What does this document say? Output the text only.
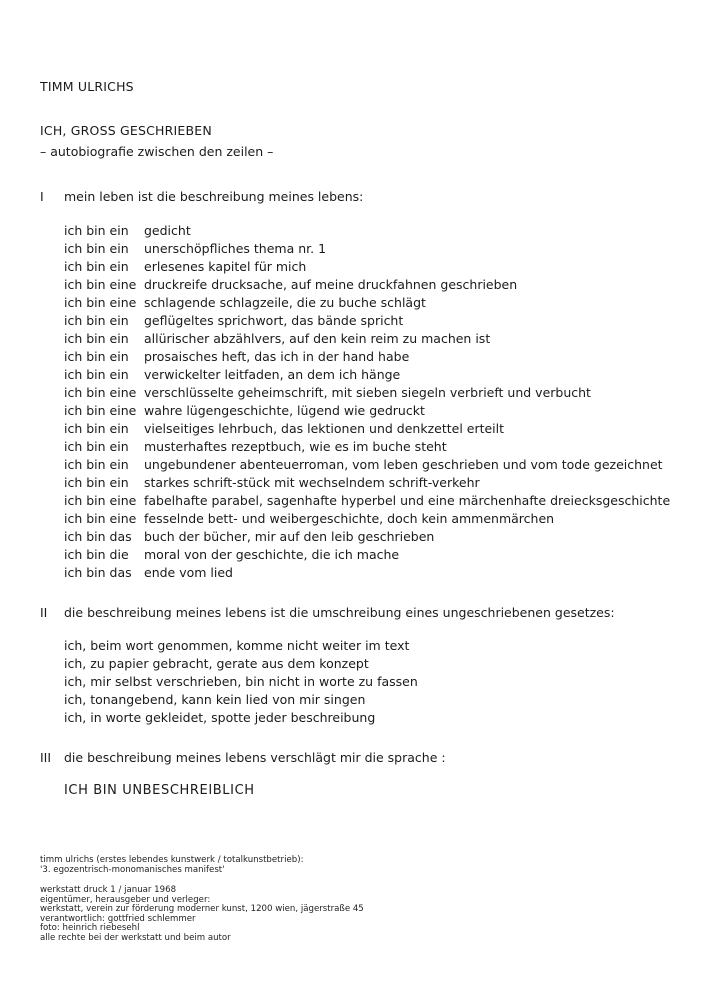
TIMM ULRICHS
ICH, GROSS GESCHRIEBEN
– autobiografie zwischen den zeilen –
I mein leben ist die beschreibung meines lebens:
ich bin ein gedicht
ich bin ein unerschöpfliches thema nr. 1
ich bin ein erlesenes kapitel für mich
ich bin eine druckreife drucksache, auf meine druckfahnen geschrieben
ich bin eine schlagende schlagzeile, die zu buche schlägt
ich bin ein geflügeltes sprichwort, das bände spricht
ich bin ein allürischer abzählvers, auf den kein reim zu machen ist
ich bin ein prosaisches heft, das ich in der hand habe
ich bin ein verwickelter leitfaden, an dem ich hänge
ich bin eine verschlüsselte geheimschrift, mit sieben siegeln verbrieft und verbucht
ich bin eine wahre lügengeschichte, lügend wie gedruckt
ich bin ein vielseitiges lehrbuch, das lektionen und denkzettel erteilt
ich bin ein musterhaftes rezeptbuch, wie es im buche steht
ich bin ein ungebundener abenteuerroman, vom leben geschrieben und vom tode gezeichnet
ich bin ein starkes schrift-stück mit wechselndem schrift-verkehr
ich bin eine fabelhafte parabel, sagenhafte hyperbel und eine märchenhafte dreiecksgeschichte
ich bin eine fesselnde bett- und weibergeschichte, doch kein ammenmärchen
ich bin das buch der bücher, mir auf den leib geschrieben
ich bin die moral von der geschichte, die ich mache
ich bin das ende vom lied
II die beschreibung meines lebens ist die umschreibung eines ungeschriebenen gesetzes:
ich, beim wort genommen, komme nicht weiter im text
ich, zu papier gebracht, gerate aus dem konzept
ich, mir selbst verschrieben, bin nicht in worte zu fassen
ich, tonangebend, kann kein lied von mir singen
ich, in worte gekleidet, spotte jeder beschreibung
III die beschreibung meines lebens verschlägt mir die sprache :
ICH BIN UNBESCHREIBLICH
timm ulrichs (erstes lebendes kunstwerk / totalkunstbetrieb):
'3. egozentrisch-monomanisches manifest'
werkstatt druck 1 / januar 1968
eigentümer, herausgeber und verleger:
werkstatt, verein zur förderung moderner kunst, 1200 wien, jägerstraße 45
verantwortlich: gottfried schlemmer
foto: heinrich riebesehl
alle rechte bei der werkstatt und beim autor
